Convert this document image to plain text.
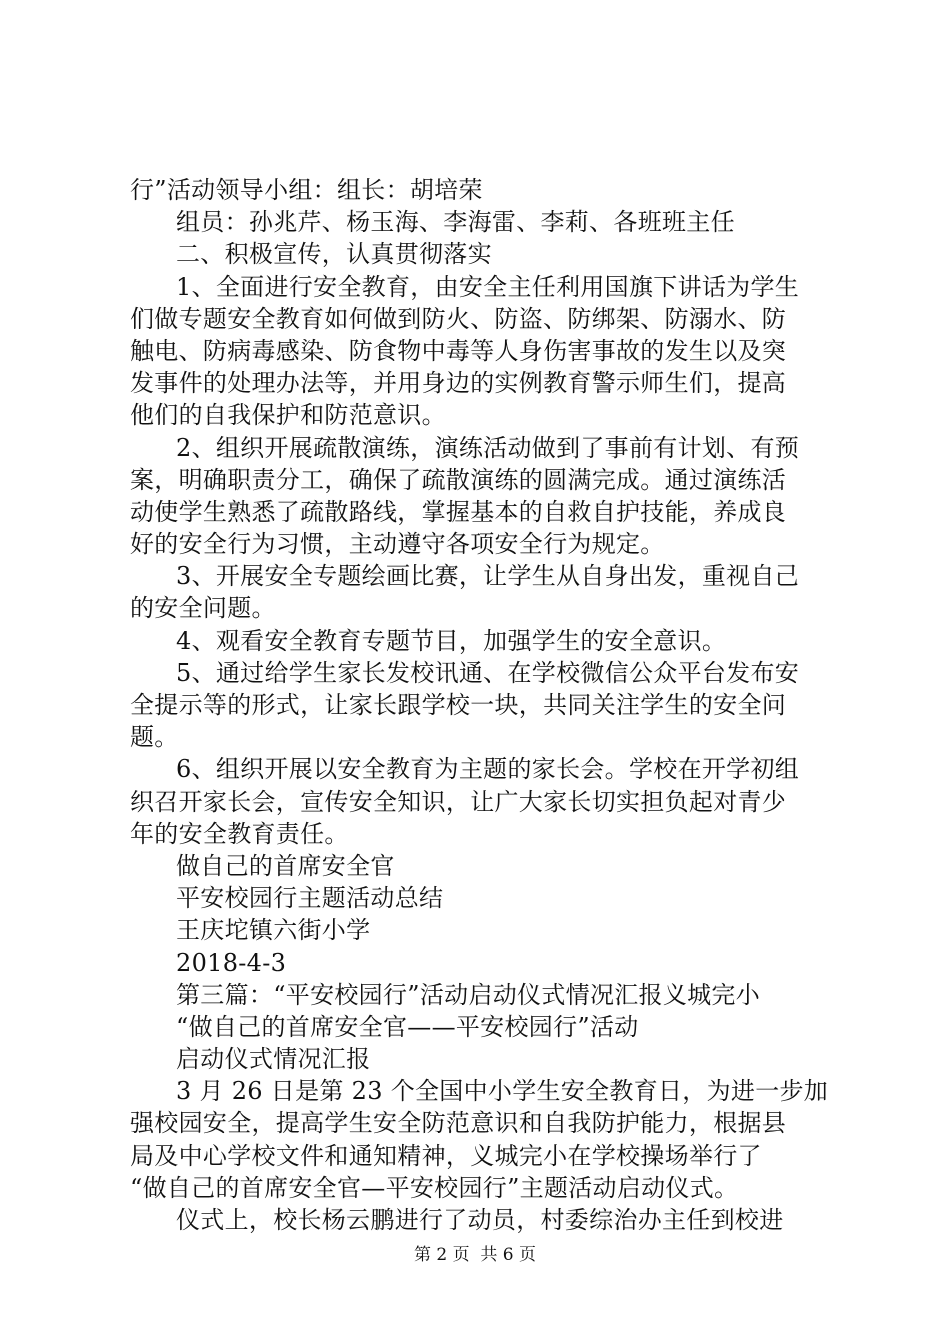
行”活动领导小组：组长：胡培荣
组员：孙兆芹、杨玉海、李海雷、李莉、各班班主任
二、积极宣传，认真贯彻落实
1、全面进行安全教育，由安全主任利用国旗下讲话为学生
们做专题安全教育如何做到防火、防盗、防绑架、防溺水、防
触电、防病毒感染、防食物中毒等人身伤害事故的发生以及突
发事件的处理办法等，并用身边的实例教育警示师生们，提高
他们的自我保护和防范意识。
2、组织开展疏散演练，演练活动做到了事前有计划、有预
案，明确职责分工，确保了疏散演练的圆满完成。通过演练活
动使学生熟悉了疏散路线，掌握基本的自救自护技能，养成良
好的安全行为习惯，主动遵守各项安全行为规定。
3、开展安全专题绘画比赛，让学生从自身出发，重视自己
的安全问题。
4、观看安全教育专题节目，加强学生的安全意识。
5、通过给学生家长发校讯通、在学校微信公众平台发布安
全提示等的形式，让家长跟学校一块，共同关注学生的安全问
题。
6、组织开展以安全教育为主题的家长会。学校在开学初组
织召开家长会，宣传安全知识，让广大家长切实担负起对青少
年的安全教育责任。
做自己的首席安全官
平安校园行主题活动总结
王庆坨镇六街小学
2018-4-3
第三篇：“平安校园行”活动启动仪式情况汇报义城完小
“做自己的首席安全官——平安校园行”活动
启动仪式情况汇报
3 月 26 日是第 23 个全国中小学生安全教育日，为进一步加
强校园安全，提高学生安全防范意识和自我防护能力，根据县
局及中心学校文件和通知精神，义城完小在学校操场举行了
“做自己的首席安全官—平安校园行”主题活动启动仪式。
仪式上，校长杨云鹏进行了动员，村委综治办主任到校进
第 2 页  共 6 页
